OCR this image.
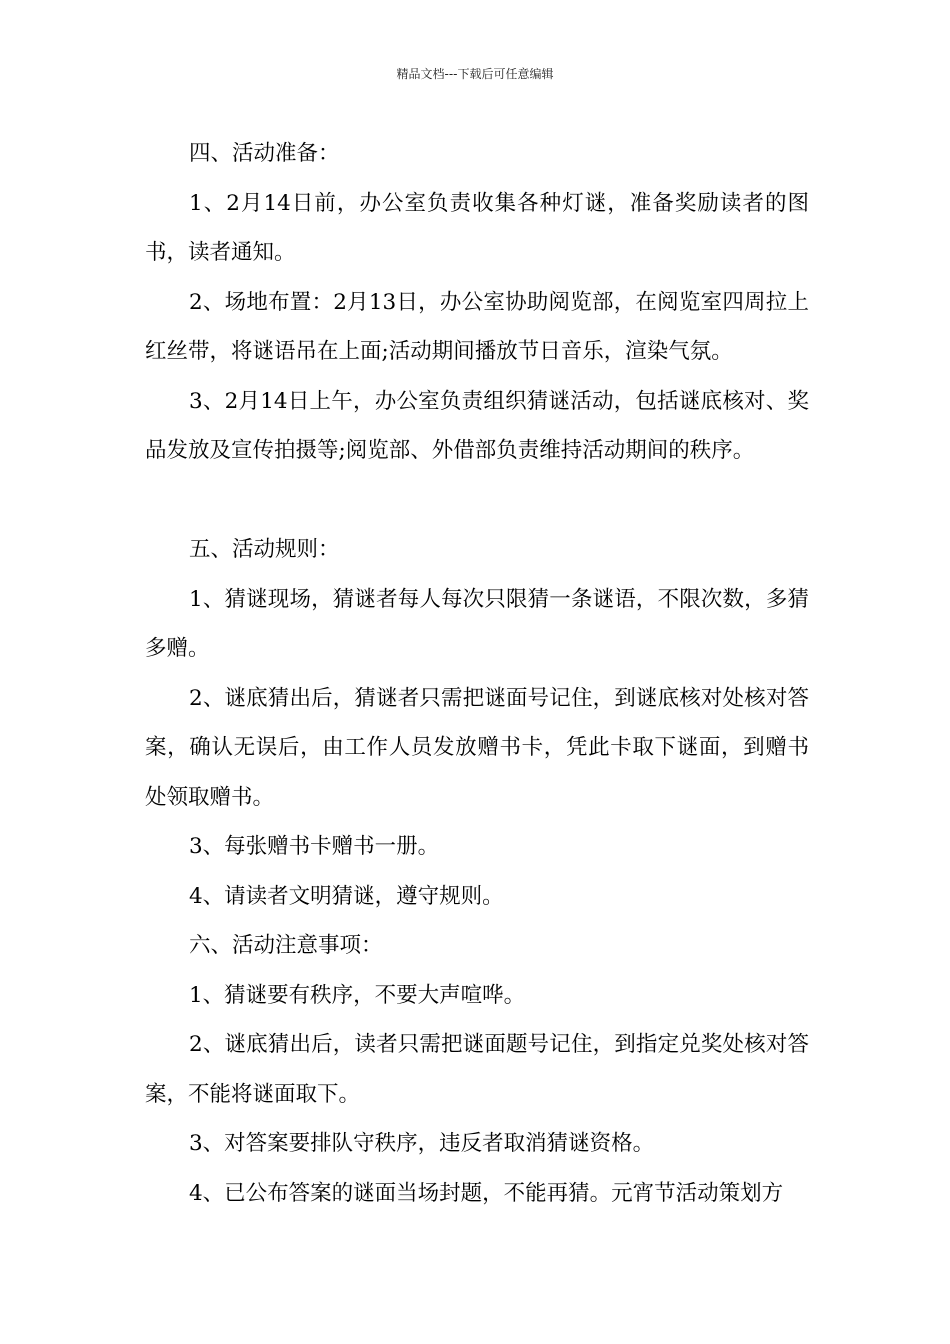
精品文档---下载后可任意编辑

四、活动准备：

1、2月14日前，办公室负责收集各种灯谜，准备奖励读者的图书，读者通知。

2、场地布置：2月13日，办公室协助阅览部，在阅览室四周拉上红丝带，将谜语吊在上面;活动期间播放节日音乐，渲染气氛。

3、2月14日上午，办公室负责组织猜谜活动，包括谜底核对、奖品发放及宣传拍摄等;阅览部、外借部负责维持活动期间的秩序。

五、活动规则：

1、猜谜现场，猜谜者每人每次只限猜一条谜语，不限次数，多猜多赠。

2、谜底猜出后，猜谜者只需把谜面号记住，到谜底核对处核对答案，确认无误后，由工作人员发放赠书卡，凭此卡取下谜面，到赠书处领取赠书。

3、每张赠书卡赠书一册。

4、请读者文明猜谜，遵守规则。

六、活动注意事项：

1、猜谜要有秩序，不要大声喧哗。

2、谜底猜出后，读者只需把谜面题号记住，到指定兑奖处核对答案，不能将谜面取下。

3、对答案要排队守秩序，违反者取消猜谜资格。

4、已公布答案的谜面当场封题，不能再猜。元宵节活动策划方
